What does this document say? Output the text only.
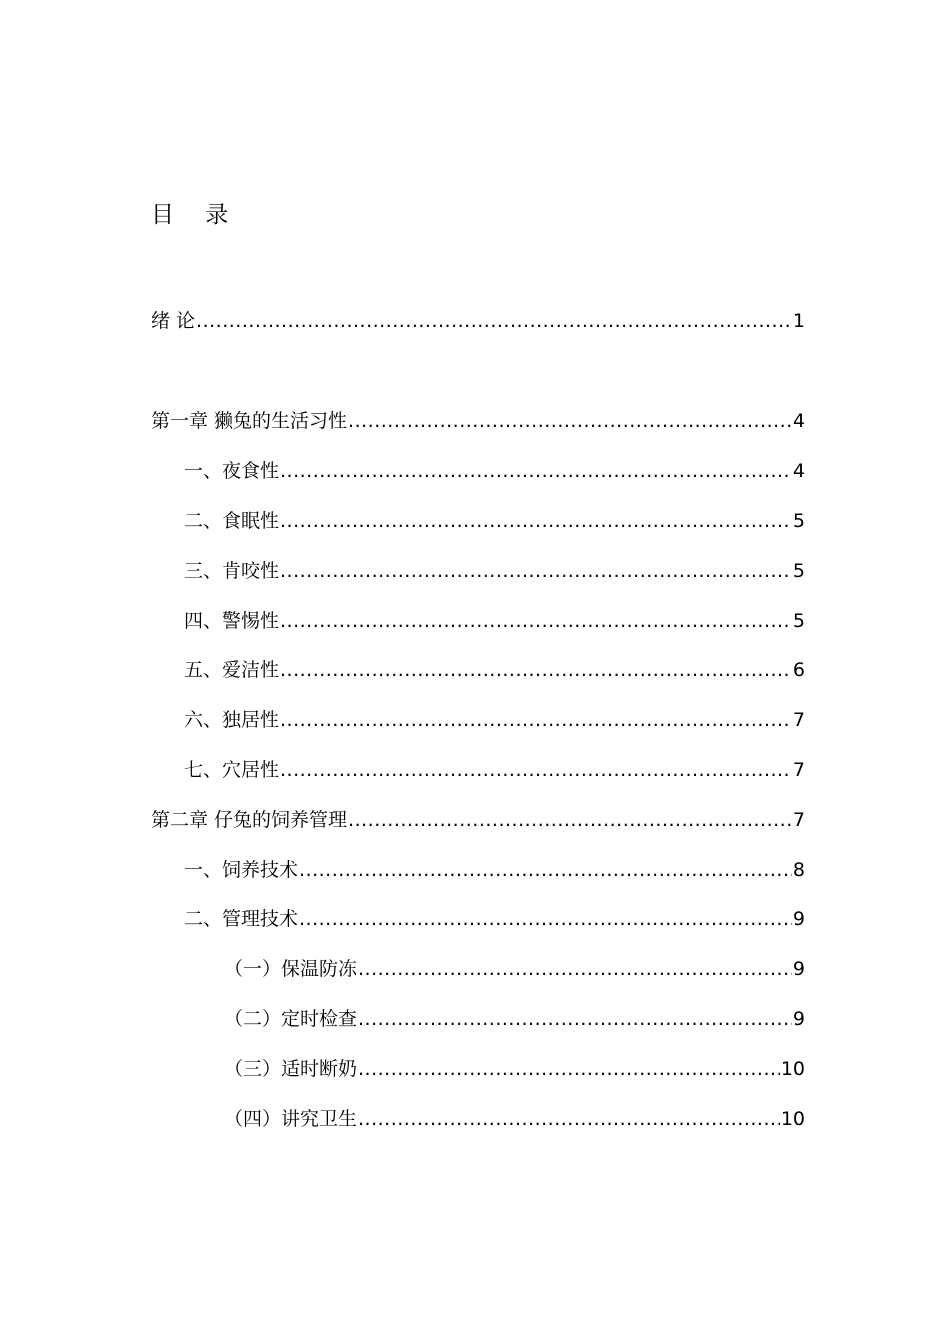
目 录
绪 论 .....	1
第一章 獭兔的生活习性 .....	4
一、夜食性 .....	4
二、食眠性 .....	5
三、肯咬性 .....	5
四、警惕性 .....	5
五、爱洁性 .....	6
六、独居性 .....	7
七、穴居性 .....	7
第二章 仔兔的饲养管理 .....	7
一、饲养技术 .....	8
二、管理技术 .....	9
（一）保温防冻 .....	9
（二）定时检查 .....	9
（三）适时断奶 .....	10
（四）讲究卫生 .....	10
